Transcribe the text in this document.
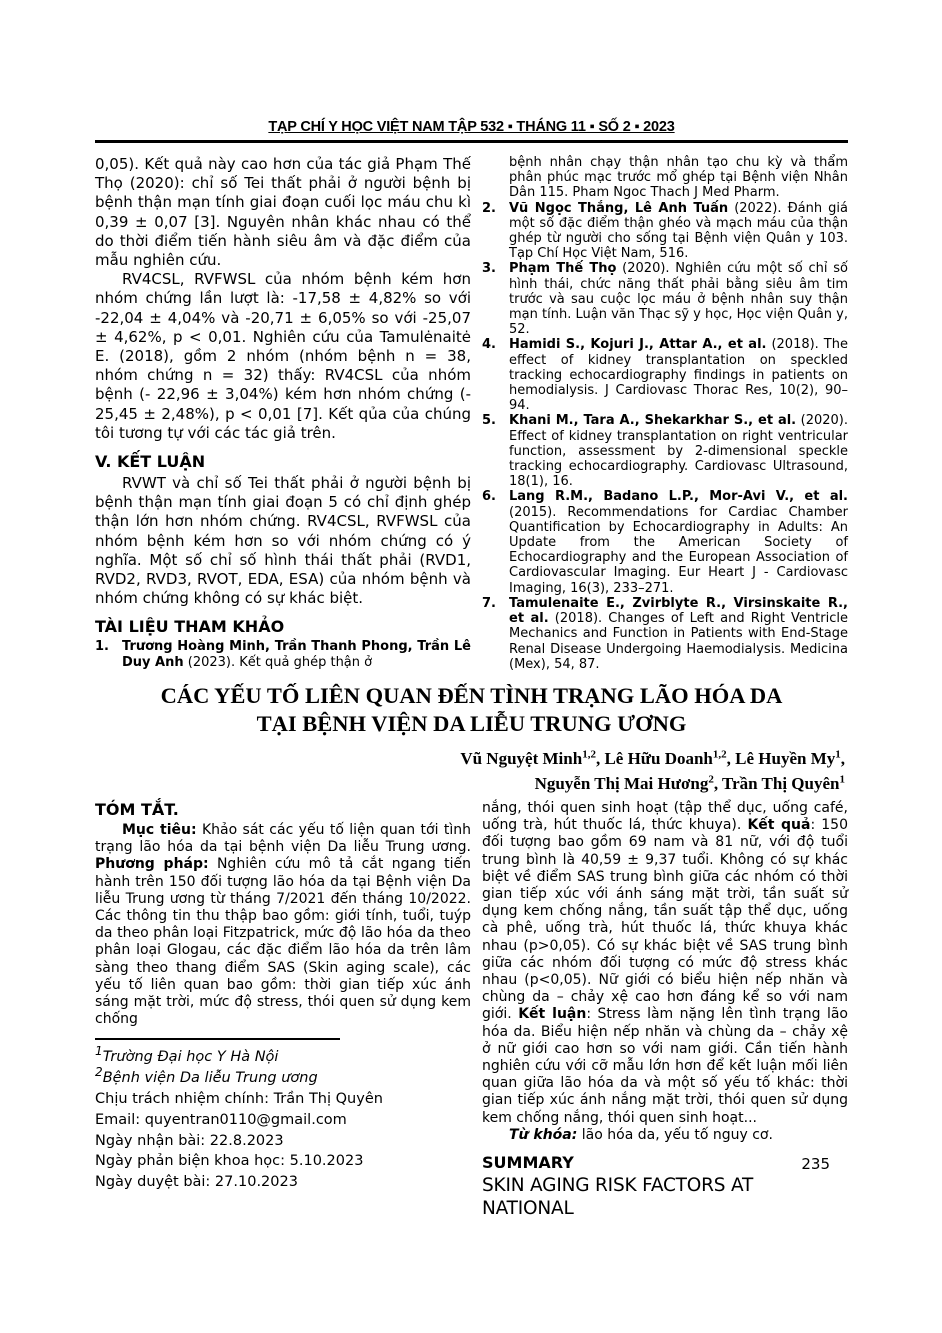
TẠP CHÍ Y HỌC VIỆT NAM TẬP 532 ▪ THÁNG 11 ▪ SỐ 2 ▪ 2023

0,05). Kết quả này cao hơn của tác giả Phạm Thế Thọ (2020): chỉ số Tei thất phải ở người bệnh bị bệnh thận mạn tính giai đoạn cuối lọc máu chu kì 0,39 ± 0,07 [3]. Nguyên nhân khác nhau có thể do thời điểm tiến hành siêu âm và đặc điểm của mẫu nghiên cứu.

RV4CSL, RVFWSL của nhóm bệnh kém hơn nhóm chứng lần lượt là: -17,58 ± 4,82% so với -22,04 ± 4,04% và -20,71 ± 6,05% so với -25,07 ± 4,62%, p < 0,01. Nghiên cứu của Tamulėnaitė E. (2018), gồm 2 nhóm (nhóm bệnh n = 38, nhóm chứng n = 32) thấy: RV4CSL của nhóm bệnh (- 22,96 ± 3,04%) kém hơn nhóm chứng (- 25,45 ± 2,48%), p < 0,01 [7]. Kết qủa của chúng tôi tương tự với các tác giả trên.

V. KẾT LUẬN

RVWT và chỉ số Tei thất phải ở người bệnh bị bệnh thận mạn tính giai đoạn 5 có chỉ định ghép thận lớn hơn nhóm chứng. RV4CSL, RVFWSL của nhóm bệnh kém hơn so với nhóm chứng có ý nghĩa. Một số chỉ số hình thái thất phải (RVD1, RVD2, RVD3, RVOT, EDA, ESA) của nhóm bệnh và nhóm chứng không có sự khác biệt.

TÀI LIỆU THAM KHẢO
1.	Trương Hoàng Minh, Trần Thanh Phong, Trần Lê Duy Anh (2023). Kết quả ghép thận ở
bệnh nhân chạy thận nhân tạo chu kỳ và thẩm phân phúc mạc trước mổ ghép tại Bệnh viện Nhân Dân 115. Pham Ngoc Thach J Med Pharm.
2.	Vũ Ngọc Thắng, Lê Anh Tuấn (2022). Đánh giá một số đặc điểm thận ghéo và mạch máu của thận ghép từ người cho sống tại Bệnh viện Quân y 103. Tạp Chí Học Việt Nam, 516.
3.	Phạm Thế Thọ (2020). Nghiên cứu một số chỉ số hình thái, chức năng thất phải bằng siêu âm tim trước và sau cuộc lọc máu ở bệnh nhân suy thận mạn tính. Luận văn Thạc sỹ y học, Học viện Quân y, 52.
4.	Hamidi S., Kojuri J., Attar A., et al. (2018). The effect of kidney transplantation on speckled tracking echocardiography findings in patients on hemodialysis. J Cardiovasc Thorac Res, 10(2), 90–94.
5.	Khani M., Tara A., Shekarkhar S., et al. (2020). Effect of kidney transplantation on right ventricular function, assessment by 2-dimensional speckle tracking echocardiography. Cardiovasc Ultrasound, 18(1), 16.
6.	Lang R.M., Badano L.P., Mor-Avi V., et al. (2015). Recommendations for Cardiac Chamber Quantification by Echocardiography in Adults: An Update from the American Society of Echocardiography and the European Association of Cardiovascular Imaging. Eur Heart J - Cardiovasc Imaging, 16(3), 233–271.
7.	Tamulenaite E., Zvirblyte R., Virsinskaite R., et al. (2018). Changes of Left and Right Ventricle Mechanics and Function in Patients with End-Stage Renal Disease Undergoing Haemodialysis. Medicina (Mex), 54, 87.
CÁC YẾU TỐ LIÊN QUAN ĐẾN TÌNH TRẠNG LÃO HÓA DA
TẠI BỆNH VIỆN DA LIỄU TRUNG ƯƠNG
Vũ Nguyệt Minh$^{1,2}$, Lê Hữu Doanh$^{1,2}$, Lê Huyền My$^1$,
Nguyễn Thị Mai Hương$^2$, Trần Thị Quyên$^1$
TÓM TẮT.

Mục tiêu: Khảo sát các yếu tố liện quan tới tình trạng lão hóa da tại bệnh viện Da liễu Trung ương. Phương pháp: Nghiên cứu mô tả cắt ngang tiến hành trên 150 đối tượng lão hóa da tại Bệnh viện Da liễu Trung ương từ tháng 7/2021 đến tháng 10/2022. Các thông tin thu thập bao gồm: giới tính, tuổi, tuýp da theo phân loại Fitzpatrick, mức độ lão hóa da theo phân loại Glogau, các đặc điểm lão hóa da trên lâm sàng theo thang điểm SAS (Skin aging scale), các yếu tố liên quan bao gồm: thời gian tiếp xúc ánh sáng mặt trời, mức độ stress, thói quen sử dụng kem chống

$^1$Trường Đại học Y Hà Nội
$^2$Bệnh viện Da liễu Trung ương
Chịu trách nhiệm chính: Trần Thị Quyên
Email: quyentran0110@gmail.com
Ngày nhận bài: 22.8.2023
Ngày phản biện khoa học: 5.10.2023
Ngày duyệt bài: 27.10.2023

nắng, thói quen sinh hoạt (tập thể dục, uống café, uống trà, hút thuốc lá, thức khuya). Kết quả: 150 đối tượng bao gồm 69 nam và 81 nữ, với độ tuổi trung bình là 40,59 ± 9,37 tuổi. Không có sự khác biệt về điểm SAS trung bình giữa các nhóm có thời gian tiếp xúc với ánh sáng mặt trời, tần suất sử dụng kem chống nắng, tần suất tập thể dục, uống cà phê, uống trà, hút thuốc lá, thức khuya khác nhau (p>0,05). Có sự khác biệt về SAS trung bình giữa các nhóm đối tượng có mức độ stress khác nhau (p<0,05). Nữ giới có biểu hiện nếp nhăn và chùng da – chảy xệ cao hơn đáng kể so với nam giới. Kết luận: Stress làm nặng lên tình trạng lão hóa da. Biểu hiện nếp nhăn và chùng da – chảy xệ ở nữ giới cao hơn so với nam giới. Cần tiến hành nghiên cứu với cỡ mẫu lớn hơn để kết luận mối liên quan giữa lão hóa da và một số yếu tố khác: thời gian tiếp xúc ánh nắng mặt trời, thói quen sử dụng kem chống nắng, thói quen sinh hoạt...

Từ khóa: lão hóa da, yếu tố nguy cơ.

SUMMARY

SKIN AGING RISK FACTORS AT NATIONAL

235
